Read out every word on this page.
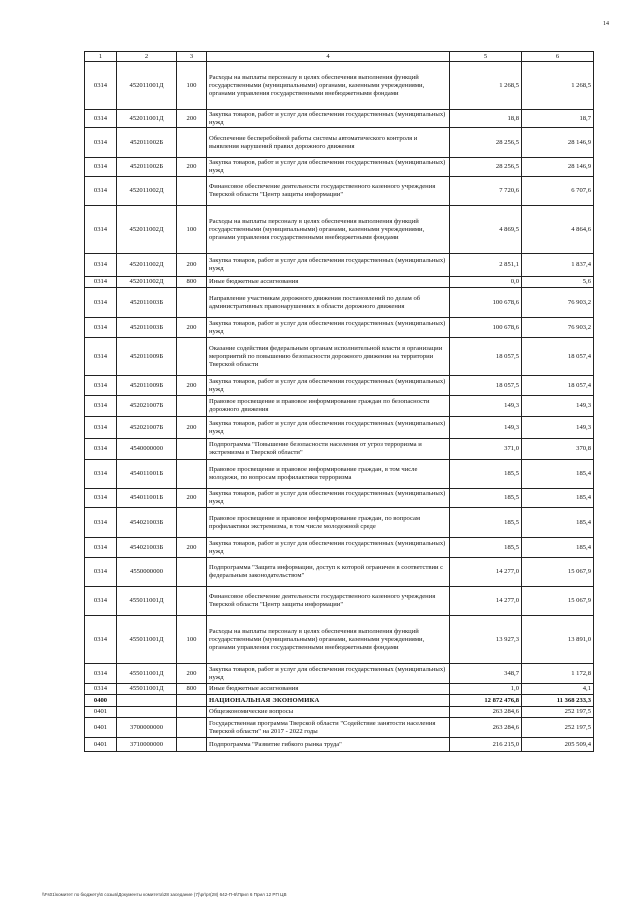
14
1	2	3	4	5	6
0314	452011001Д	100	Расходы на выплаты персоналу в целях обеспечения выполнения функций государственными (муниципальными) органами, казенными учреждениями, органами управления государственными внебюджетными фондами	1 268,5	1 268,5
0314	452011001Д	200	Закупка товаров, работ и услуг для обеспечения государственных (муниципальных) нужд	18,8	18,7
0314	452011002Б		Обеспечение бесперебойной работы системы автоматического контроля и выявления нарушений правил дорожного движения	28 256,5	28 146,9
0314	452011002Б	200	Закупка товаров, работ и услуг для обеспечения государственных (муниципальных) нужд	28 256,5	28 146,9
0314	452011002Д		Финансовое обеспечение деятельности государственного казенного учреждения Тверской области "Центр защиты информации"	7 720,6	6 707,6
0314	452011002Д	100	Расходы на выплаты персоналу в целях обеспечения выполнения функций государственными (муниципальными) органами, казенными учреждениями, органами управления государственными внебюджетными фондами	4 869,5	4 864,6
0314	452011002Д	200	Закупка товаров, работ и услуг для обеспечения государственных (муниципальных) нужд	2 851,1	1 837,4
0314	452011002Д	800	Иные бюджетные ассигнования	0,0	5,6
0314	452011003Б		Направление участникам дорожного движения постановлений по делам об административных правонарушениях в области дорожного движения	100 678,6	76 903,2
0314	452011003Б	200	Закупка товаров, работ и услуг для обеспечения государственных (муниципальных) нужд	100 678,6	76 903,2
0314	452011009Б		Оказание содействия федеральным органам исполнительной власти в организации мероприятий по повышению безопасности дорожного движения на территории Тверской области	18 057,5	18 057,4
0314	452011009Б	200	Закупка товаров, работ и услуг для обеспечения государственных (муниципальных) нужд	18 057,5	18 057,4
0314	452021007Б		Правовое просвещение и правовое информирование граждан по безопасности дорожного движения	149,3	149,3
0314	452021007Б	200	Закупка товаров, работ и услуг для обеспечения государственных (муниципальных) нужд	149,3	149,3
0314	4540000000		Подпрограмма "Повышение безопасности населения от угроз терроризма и экстремизма в Тверской области"	371,0	370,8
0314	454011001Б		Правовое просвещение и правовое информирование граждан, в том числе молодежи, по вопросам профилактики терроризма	185,5	185,4
0314	454011001Б	200	Закупка товаров, работ и услуг для обеспечения государственных (муниципальных) нужд	185,5	185,4
0314	454021003Б		Правовое просвещение и правовое информирование граждан, по вопросам профилактики экстремизма, в том числе молодежной среде	185,5	185,4
0314	454021003Б	200	Закупка товаров, работ и услуг для обеспечения государственных (муниципальных) нужд	185,5	185,4
0314	4550000000		Подпрограмма "Защита информации, доступ к которой ограничен в соответствии с федеральным законодательством"	14 277,0	15 067,9
0314	455011001Д		Финансовое обеспечение деятельности государственного казенного учреждения Тверской области "Центр защиты информации"	14 277,0	15 067,9
0314	455011001Д	100	Расходы на выплаты персоналу в целях обеспечения выполнения функций государственными (муниципальными) органами, казенными учреждениями, органами управления государственными внебюджетными фондами	13 927,3	13 891,0
0314	455011001Д	200	Закупка товаров, работ и услуг для обеспечения государственных (муниципальных) нужд	348,7	1 172,8
0314	455011001Д	800	Иные бюджетные ассигнования	1,0	4,1
0400			НАЦИОНАЛЬНАЯ ЭКОНОМИКА	12 872 476,8	11 368 233,3
0401			Общеэкономические вопросы	263 284,6	252 197,5
0401	3700000000		Государственная программа Тверской области "Содействие занятости населения Тверской области" на 2017 - 2022 годы	263 284,6	252 197,5
0401	3710000000		Подпрограмма "Развитие гибкого рынка труда"	216 215,0	205 509,4
\\Fs01\комитет по бюджету\6 созыв\Документы комитета\28 заседание (7)\pr\pr(28) 642-П-6\Прил 6 Прил 12 РП ЦВ
